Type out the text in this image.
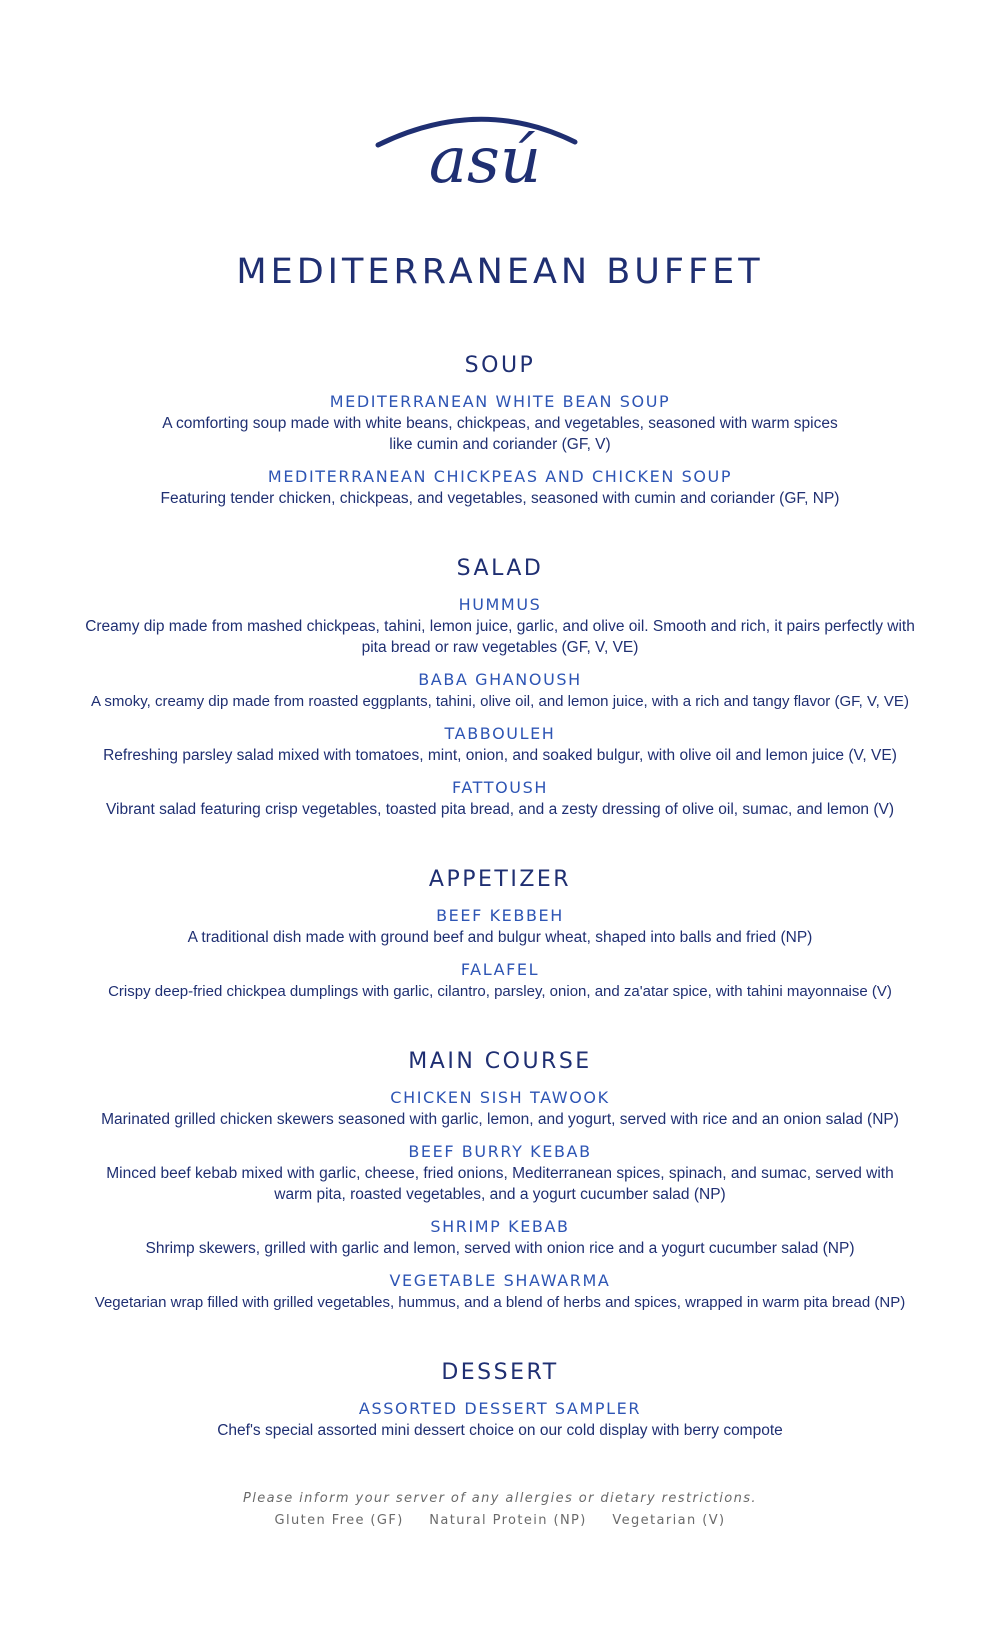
asú
MEDITERRANEAN BUFFET
SOUP
MEDITERRANEAN WHITE BEAN SOUP
A comforting soup made with white beans, chickpeas, and vegetables, seasoned with warm spices like cumin and coriander (GF, V)
MEDITERRANEAN CHICKPEAS AND CHICKEN SOUP
Featuring tender chicken, chickpeas, and vegetables, seasoned with cumin and coriander (GF, NP)
SALAD
HUMMUS
Creamy dip made from mashed chickpeas, tahini, lemon juice, garlic, and olive oil. Smooth and rich, it pairs perfectly with pita bread or raw vegetables (GF, V, VE)
BABA GHANOUSH
A smoky, creamy dip made from roasted eggplants, tahini, olive oil, and lemon juice, with a rich and tangy flavor (GF, V, VE)
TABBOULEH
Refreshing parsley salad mixed with tomatoes, mint, onion, and soaked bulgur, with olive oil and lemon juice (V, VE)
FATTOUSH
Vibrant salad featuring crisp vegetables, toasted pita bread, and a zesty dressing of olive oil, sumac, and lemon (V)
APPETIZER
BEEF KEBBEH
A traditional dish made with ground beef and bulgur wheat, shaped into balls and fried (NP)
FALAFEL
Crispy deep-fried chickpea dumplings with garlic, cilantro, parsley, onion, and za'atar spice, with tahini mayonnaise (V)
MAIN COURSE
CHICKEN SISH TAWOOK
Marinated grilled chicken skewers seasoned with garlic, lemon, and yogurt, served with rice and an onion salad (NP)
BEEF BURRY KEBAB
Minced beef kebab mixed with garlic, cheese, fried onions, Mediterranean spices, spinach, and sumac, served with warm pita, roasted vegetables, and a yogurt cucumber salad (NP)
SHRIMP KEBAB
Shrimp skewers, grilled with garlic and lemon, served with onion rice and a yogurt cucumber salad (NP)
VEGETABLE SHAWARMA
Vegetarian wrap filled with grilled vegetables, hummus, and a blend of herbs and spices, wrapped in warm pita bread (NP)
DESSERT
ASSORTED DESSERT SAMPLER
Chef's special assorted mini dessert choice on our cold display with berry compote
Please inform your server of any allergies or dietary restrictions.
Gluten Free (GF) Natural Protein (NP) Vegetarian (V)
